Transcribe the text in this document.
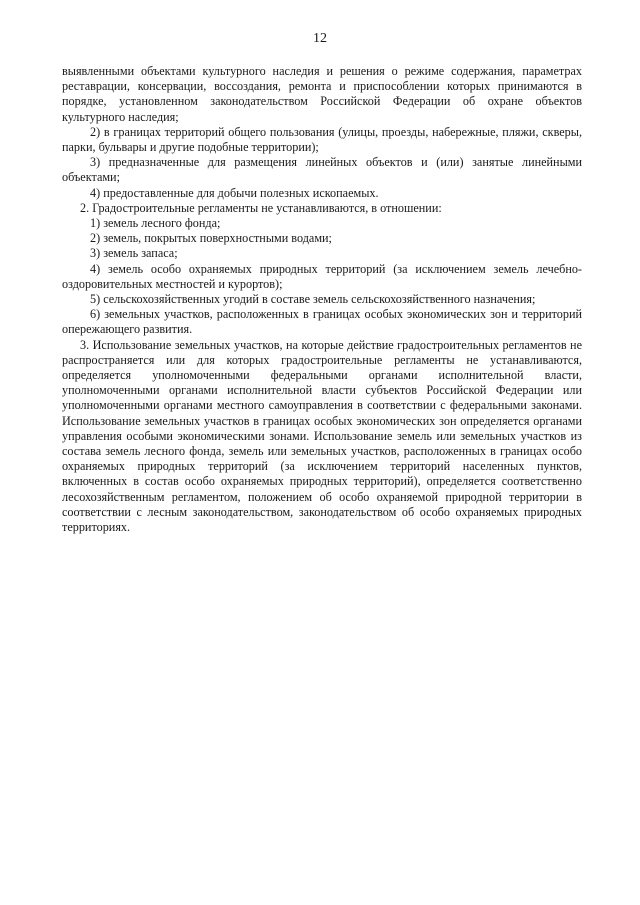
12

выявленными объектами культурного наследия и решения о режиме содержания, параметрах реставрации, консервации, воссоздания, ремонта и приспособлении которых принимаются в порядке, установленном законодательством Российской Федерации об охране объектов культурного наследия;

2) в границах территорий общего пользования (улицы, проезды, набережные, пляжи, скверы, парки, бульвары и другие подобные территории);

3) предназначенные для размещения линейных объектов и (или) занятые линейными объектами;

4) предоставленные для добычи полезных ископаемых.

2. Градостроительные регламенты не устанавливаются, в отношении:

1) земель лесного фонда;

2) земель, покрытых поверхностными водами;

3) земель запаса;

4) земель особо охраняемых природных территорий (за исключением земель лечебно-оздоровительных местностей и курортов);

5) сельскохозяйственных угодий в составе земель сельскохозяйственного назначения;

6) земельных участков, расположенных в границах особых экономических зон и территорий опережающего развития.

3. Использование земельных участков, на которые действие градостроительных регламентов не распространяется или для которых градостроительные регламенты не устанавливаются, определяется уполномоченными федеральными органами исполнительной власти, уполномоченными органами исполнительной власти субъектов Российской Федерации или уполномоченными органами местного самоуправления в соответствии с федеральными законами. Использование земельных участков в границах особых экономических зон определяется органами управления особыми экономическими зонами. Использование земель или земельных участков из состава земель лесного фонда, земель или земельных участков, расположенных в границах особо охраняемых природных территорий (за исключением территорий населенных пунктов, включенных в состав особо охраняемых природных территорий), определяется соответственно лесохозяйственным регламентом, положением об особо охраняемой природной территории в соответствии с лесным законодательством, законодательством об особо охраняемых природных территориях.
